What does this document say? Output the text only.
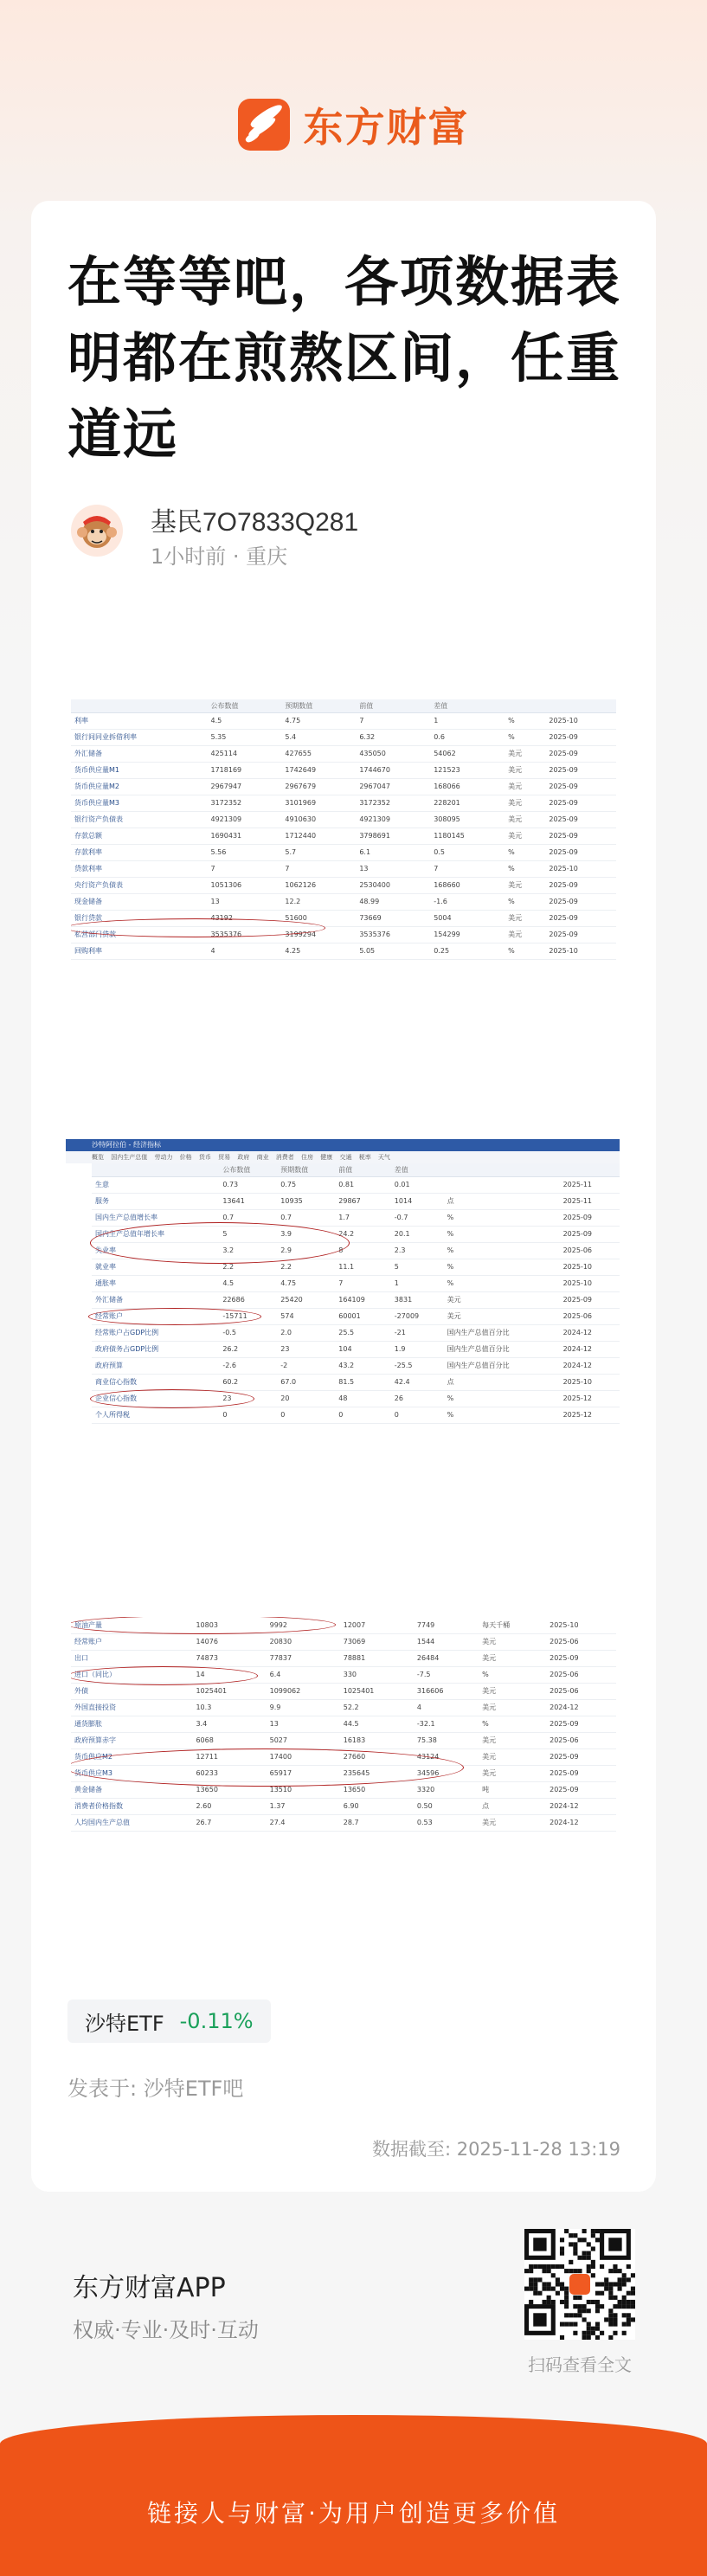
东方财富
在等等吧，各项数据表明都在煎熬区间，任重道远
基民7O7833Q281
1小时前 · 重庆
	公布数值	预期数值	前值	差值		
利率	4.5	4.75	7	1	%	2025-10
银行间同业拆借利率	5.35	5.4	6.32	0.6	%	2025-09
外汇储备	425114	427655	435050	54062	美元	2025-09
货币供应量M1	1718169	1742649	1744670	121523	美元	2025-09
货币供应量M2	2967947	2967679	2967047	168066	美元	2025-09
货币供应量M3	3172352	3101969	3172352	228201	美元	2025-09
银行资产负债表	4921309	4910630	4921309	308095	美元	2025-09
存款总额	1690431	1712440	3798691	1180145	美元	2025-09
存款利率	5.56	5.7	6.1	0.5	%	2025-09
贷款利率	7	7	13	7	%	2025-10
央行资产负债表	1051306	1062126	2530400	168660	美元	2025-09
现金储备	13	12.2	48.99	-1.6	%	2025-09
银行贷款	43192	51600	73669	5004	美元	2025-09
私营部门贷款	3535376	3199294	3535376	154299	美元	2025-09
回购利率	4	4.25	5.05	0.25	%	2025-10
沙特阿拉伯 - 经济指标
概览 国内生产总值 劳动力 价格 货币 贸易 政府 商业 消费者 住房 健康 交通 税率 天气
	公布数值	预期数值	前值	差值		
生意	0.73	0.75	0.81	0.01		2025-11
服务	13641	10935	29867	1014	点	2025-11
国内生产总值增长率	0.7	0.7	1.7	-0.7	%	2025-09
国内生产总值年增长率	5	3.9	24.2	20.1	%	2025-09
失业率	3.2	2.9	8	2.3	%	2025-06
就业率	2.2	2.2	11.1	5	%	2025-10
通胀率	4.5	4.75	7	1	%	2025-10
外汇储备	22686	25420	164109	3831	美元	2025-09
经常账户	-15711	574	60001	-27009	美元	2025-06
经常账户占GDP比例	-0.5	2.0	25.5	-21	国内生产总值百分比	2024-12
政府债务占GDP比例	26.2	23	104	1.9	国内生产总值百分比	2024-12
政府预算	-2.6	-2	43.2	-25.5	国内生产总值百分比	2024-12
商业信心指数	60.2	67.0	81.5	42.4	点	2025-10
企业信心指数	23	20	48	26	%	2025-12
个人所得税	0	0	0	0	%	2025-12
原油产量	10803	9992	12007	7749	每天千桶	2025-10
经常账户	14076	20830	73069	1544	美元	2025-06
出口	74873	77837	78881	26484	美元	2025-09
进口（同比）	14	6.4	330	-7.5	%	2025-06
外债	1025401	1099062	1025401	316606	美元	2025-06
外国直接投资	10.3	9.9	52.2	4	美元	2024-12
通货膨胀	3.4	13	44.5	-32.1	%	2025-09
政府预算赤字	6068	5027	16183	75.38	美元	2025-06
货币供应M2	12711	17400	27660	43124	美元	2025-09
货币供应M3	60233	65917	235645	34596	美元	2025-09
黄金储备	13650	13510	13650	3320	吨	2025-09
消费者价格指数	2.60	1.37	6.90	0.50	点	2024-12
人均国内生产总值	26.7	27.4	28.7	0.53	美元	2024-12
沙特ETF -0.11%
发表于: 沙特ETF吧
数据截至: 2025-11-28 13:19
东方财富APP
权威·专业·及时·互动
扫码查看全文
链接人与财富·为用户创造更多价值
